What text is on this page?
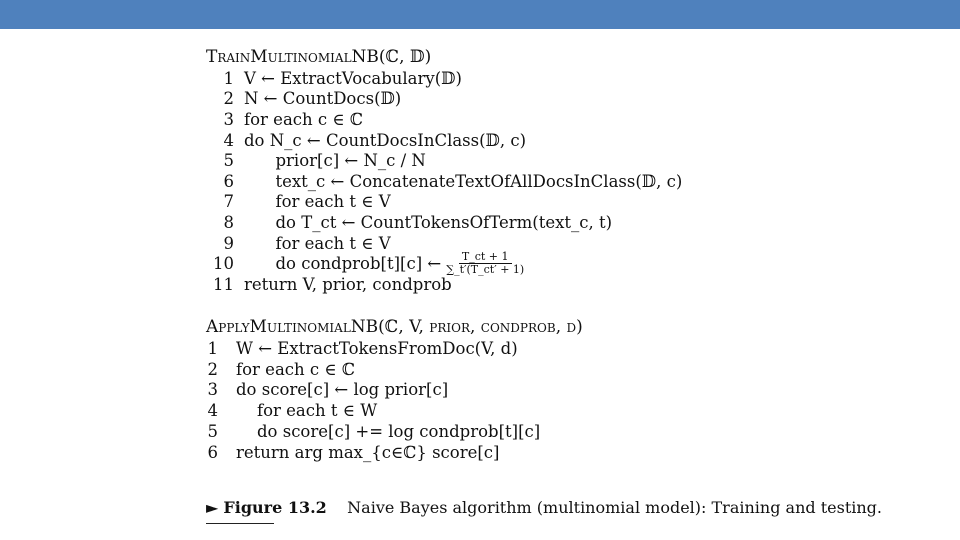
TrainMultinomialNB(ℂ, 𝔻)
1 V ← ExtractVocabulary(𝔻)
2 N ← CountDocs(𝔻)
3 for each c ∈ ℂ
4 do N_c ← CountDocsInClass(𝔻, c)
5 prior[c] ← N_c / N
6 text_c ← ConcatenateTextOfAllDocsInClass(𝔻, c)
7 for each t ∈ V
8 do T_ct ← CountTokensOfTerm(text_c, t)
9 for each t ∈ V
10 do condprob[t][c] ← $\frac{T\_ct + 1}{\sum\_t'(T\_ct' + 1)}$
11 return V, prior, condprob
ApplyMultinomialNB(ℂ, V, prior, condprob, d)
1 W ← ExtractTokensFromDoc(V, d)
2 for each c ∈ ℂ
3 do score[c] ← log prior[c]
4 for each t ∈ W
5 do score[c] += log condprob[t][c]
6 return arg max_{c∈ℂ} score[c]
► Figure 13.2 Naive Bayes algorithm (multinomial model): Training and testing.
